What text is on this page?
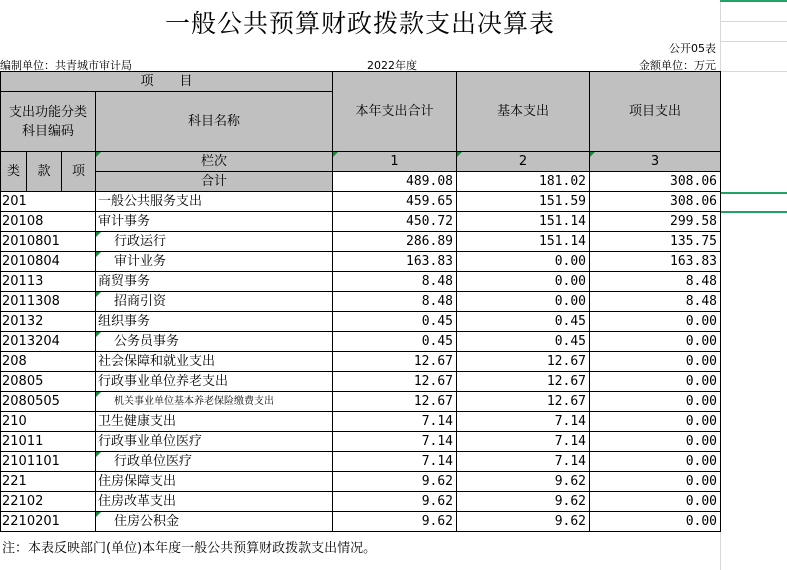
一般公共预算财政拨款支出决算表
公开05表
编制单位：共青城市审计局	2022年度	金额单位：万元
项　　目				本年支出合计	基本支出	项目支出
支出功能分类
科目编码			科目名称			

类	款	项	栏次	1	2	3
			合计	489.08	181.02	308.06
201			一般公共服务支出	459.65	151.59	308.06
20108			审计事务	450.72	151.14	299.58
2010801			行政运行	286.89	151.14	135.75
2010804			审计业务	163.83	0.00	163.83
20113			商贸事务	8.48	0.00	8.48
2011308			招商引资	8.48	0.00	8.48
20132			组织事务	0.45	0.45	0.00
2013204			公务员事务	0.45	0.45	0.00
208			社会保障和就业支出	12.67	12.67	0.00
20805			行政事业单位养老支出	12.67	12.67	0.00
2080505			机关事业单位基本养老保险缴费支出	12.67	12.67	0.00
210			卫生健康支出	7.14	7.14	0.00
21011			行政事业单位医疗	7.14	7.14	0.00
2101101			行政单位医疗	7.14	7.14	0.00
221			住房保障支出	9.62	9.62	0.00
22102			住房改革支出	9.62	9.62	0.00
2210201			住房公积金	9.62	9.62	0.00
注：本表反映部门(单位)本年度一般公共预算财政拨款支出情况。
